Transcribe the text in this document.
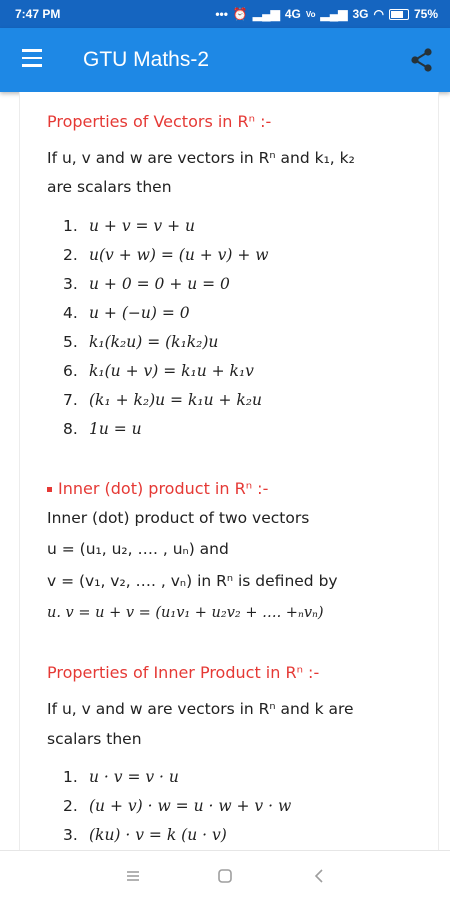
7:47 PM	••• ⏰ ▂▄▆ 4G Vo ▂▄▆ 3G ◠	75%
GTU Maths-2
Properties of Vectors in Rⁿ :-
If u, v and w are vectors in Rⁿ and k₁, k₂
are scalars then
1. u + v = v + u
2. u(v + w) = (u + v) + w
3. u + 0 = 0 + u = 0
4. u + (−u) = 0
5. k₁(k₂u) = (k₁k₂)u
6. k₁(u + v) = k₁u + k₁v
7. (k₁ + k₂)u = k₁u + k₂u
8. 1u = u
Inner (dot) product in Rⁿ :-
Inner (dot) product of two vectors
u = (u₁, u₂, …. , uₙ) and
v = (v₁, v₂, …. , vₙ) in Rⁿ is defined by
u. v = u + v = (u₁v₁ + u₂v₂ + …. +ₙvₙ)
Properties of Inner Product in Rⁿ :-
If u, v and w are vectors in Rⁿ and k are
scalars then
1. u · v = v · u
2. (u + v) · w = u · w + v · w
3. (ku) · v = k (u · v)
